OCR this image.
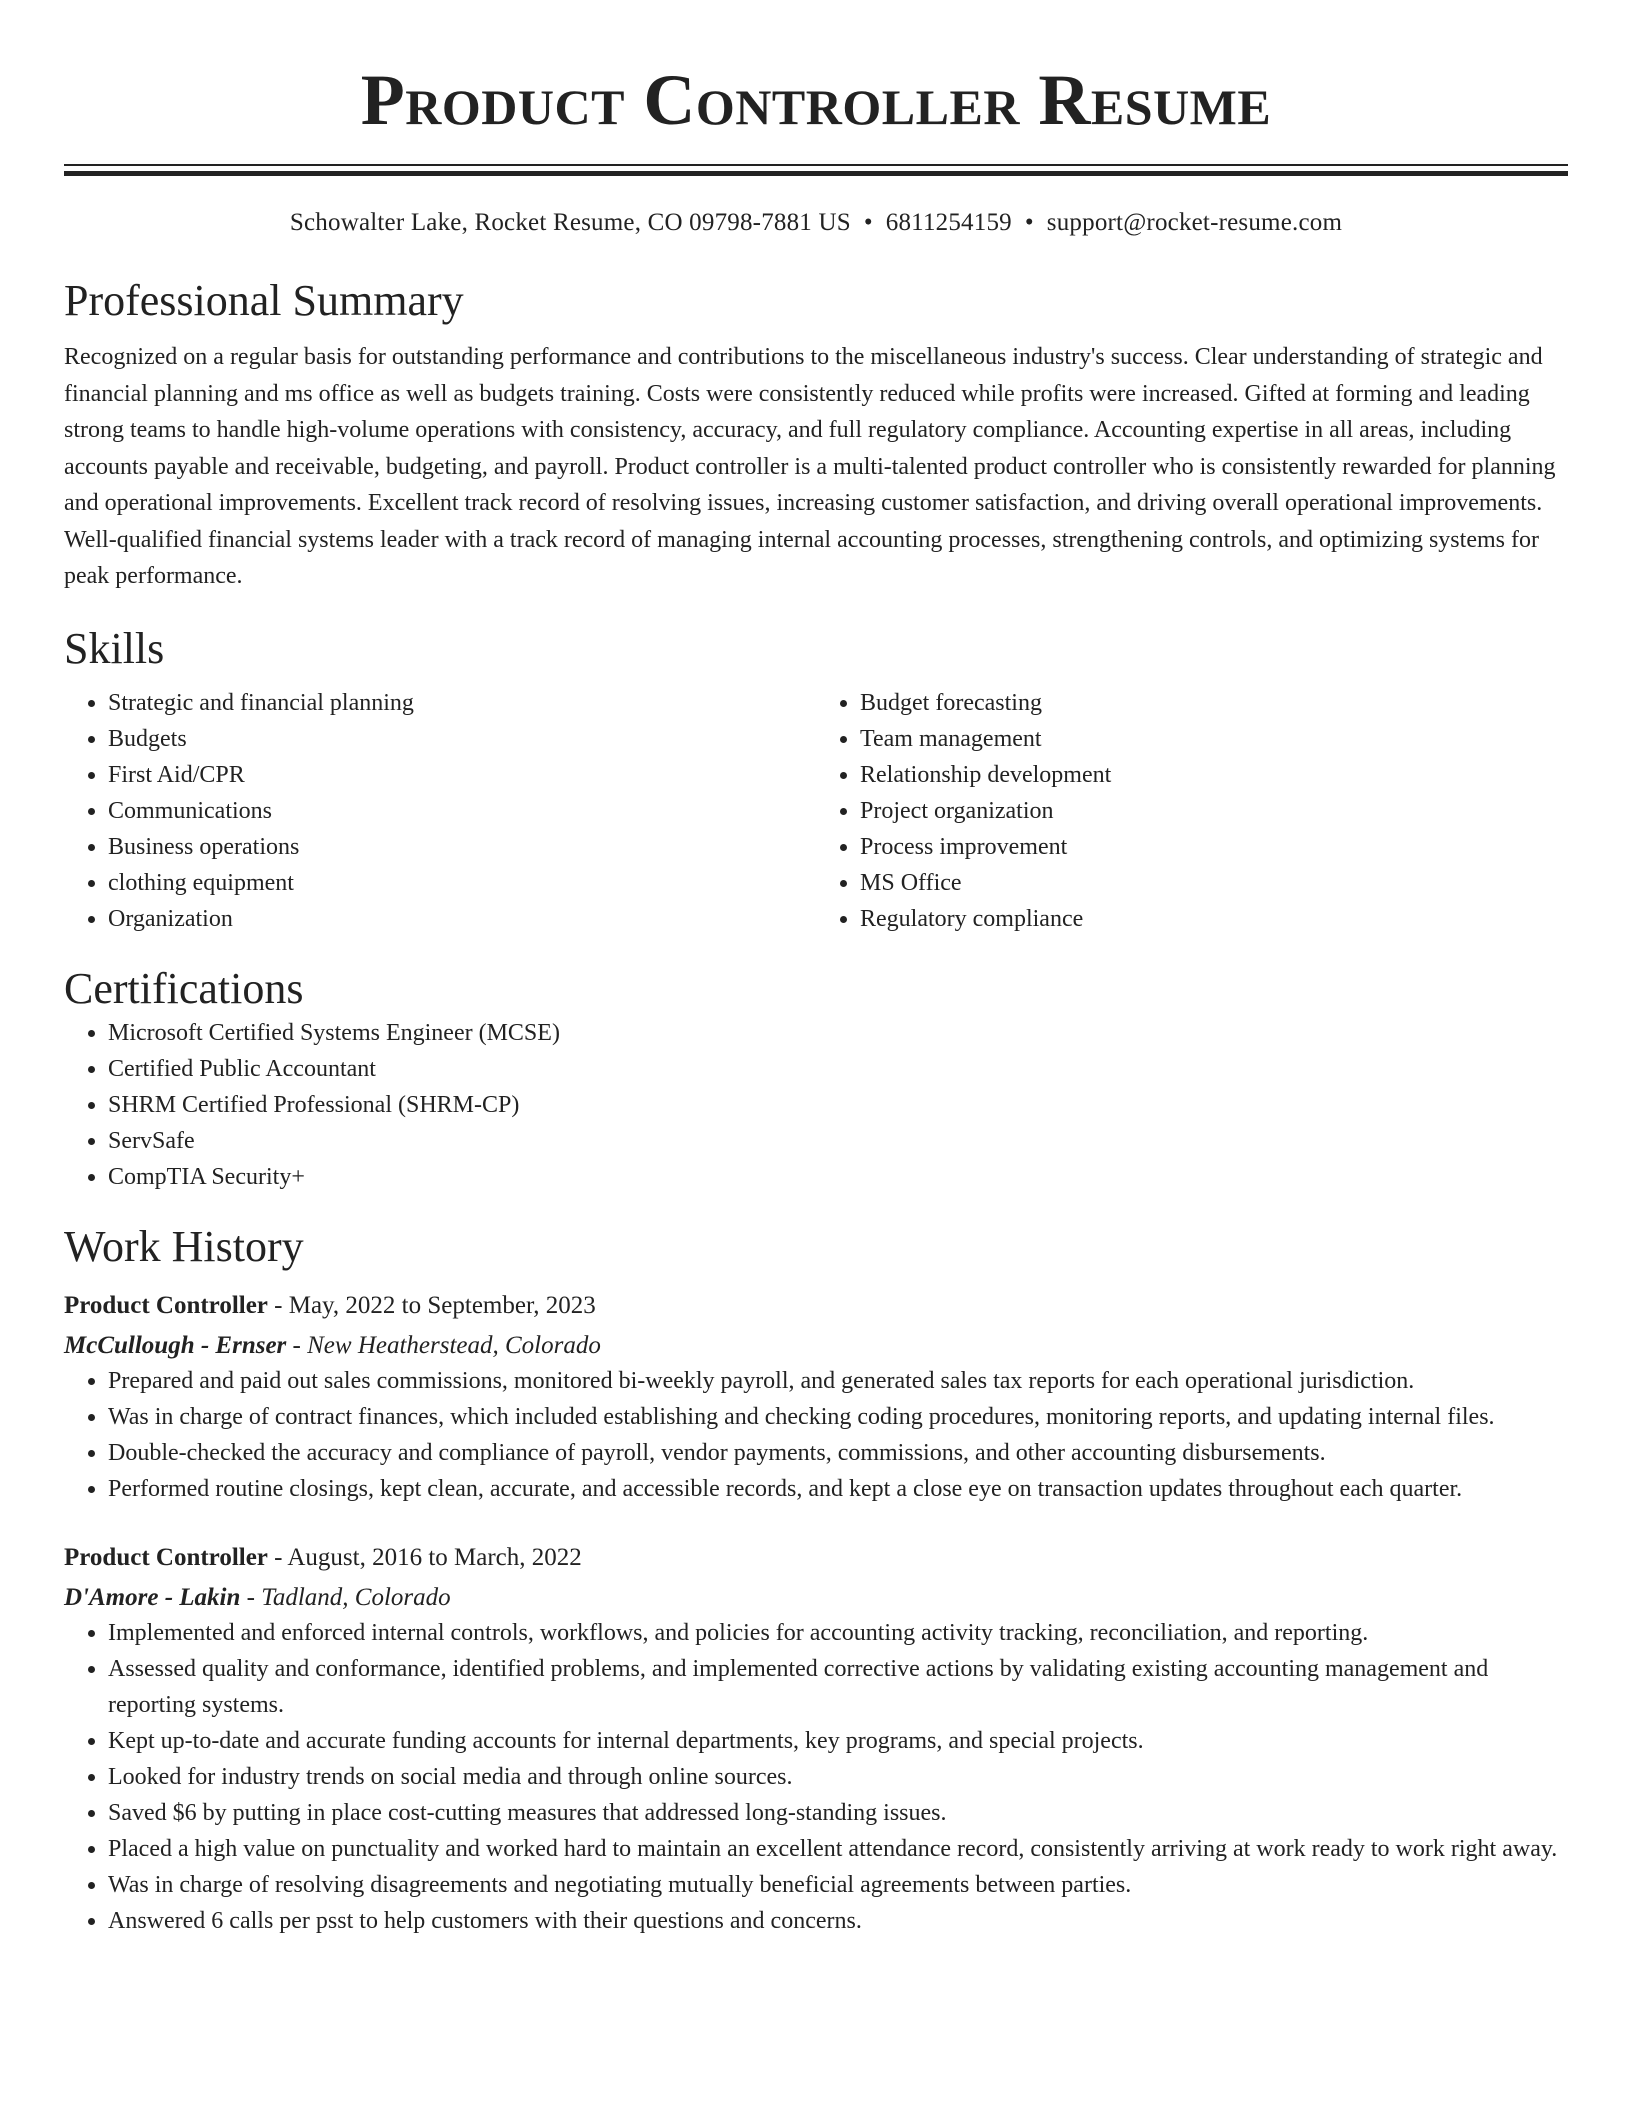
Product Controller Resume
Schowalter Lake, Rocket Resume, CO 09798-7881 US • 6811254159 • support@rocket-resume.com
Professional Summary

Recognized on a regular basis for outstanding performance and contributions to the miscellaneous industry's success. Clear understanding of strategic and financial planning and ms office as well as budgets training. Costs were consistently reduced while profits were increased. Gifted at forming and leading strong teams to handle high-volume operations with consistency, accuracy, and full regulatory compliance. Accounting expertise in all areas, including accounts payable and receivable, budgeting, and payroll. Product controller is a multi-talented product controller who is consistently rewarded for planning and operational improvements. Excellent track record of resolving issues, increasing customer satisfaction, and driving overall operational improvements. Well-qualified financial systems leader with a track record of managing internal accounting processes, strengthening controls, and optimizing systems for peak performance.

Skills
• Strategic and financial planning
• Budgets
• First Aid/CPR
• Communications
• Business operations
• clothing equipment
• Organization
• Budget forecasting
• Team management
• Relationship development
• Project organization
• Process improvement
• MS Office
• Regulatory compliance
Certifications
• Microsoft Certified Systems Engineer (MCSE)
• Certified Public Accountant
• SHRM Certified Professional (SHRM-CP)
• ServSafe
• CompTIA Security+
Work History
Product Controller - May, 2022 to September, 2023
McCullough - Ernser - New Heatherstead, Colorado
• Prepared and paid out sales commissions, monitored bi-weekly payroll, and generated sales tax reports for each operational jurisdiction.
• Was in charge of contract finances, which included establishing and checking coding procedures, monitoring reports, and updating internal files.
• Double-checked the accuracy and compliance of payroll, vendor payments, commissions, and other accounting disbursements.
• Performed routine closings, kept clean, accurate, and accessible records, and kept a close eye on transaction updates throughout each quarter.
Product Controller - August, 2016 to March, 2022
D'Amore - Lakin - Tadland, Colorado
• Implemented and enforced internal controls, workflows, and policies for accounting activity tracking, reconciliation, and reporting.
• Assessed quality and conformance, identified problems, and implemented corrective actions by validating existing accounting management and reporting systems.
• Kept up-to-date and accurate funding accounts for internal departments, key programs, and special projects.
• Looked for industry trends on social media and through online sources.
• Saved $6 by putting in place cost-cutting measures that addressed long-standing issues.
• Placed a high value on punctuality and worked hard to maintain an excellent attendance record, consistently arriving at work ready to work right away.
• Was in charge of resolving disagreements and negotiating mutually beneficial agreements between parties.
• Answered 6 calls per psst to help customers with their questions and concerns.
